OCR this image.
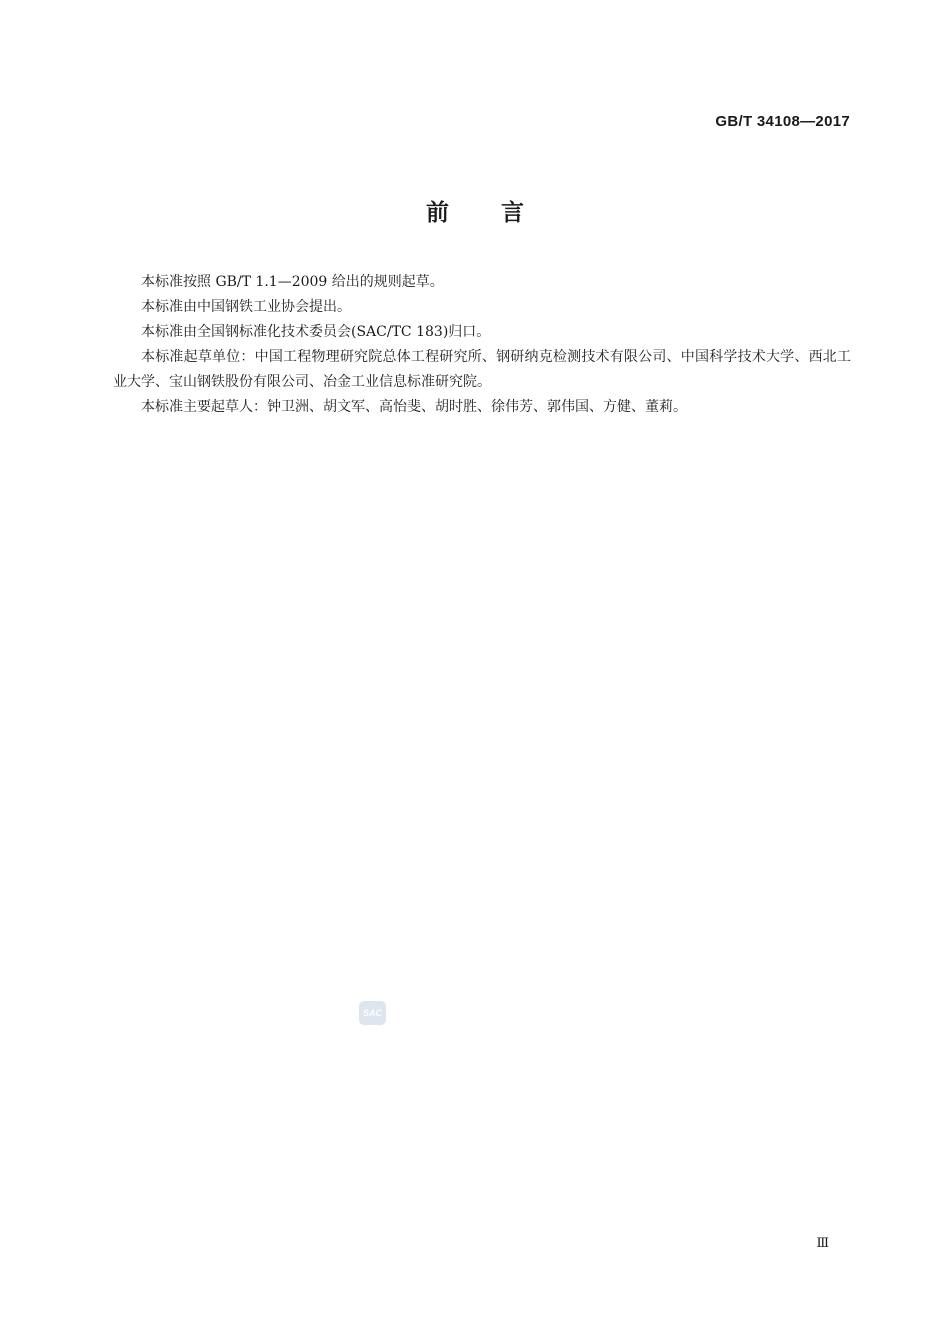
GB/T 34108—2017
前言

本标准按照 GB/T 1.1—2009 给出的规则起草。

本标准由中国钢铁工业协会提出。

本标准由全国钢标准化技术委员会(SAC/TC 183)归口。

本标准起草单位：中国工程物理研究院总体工程研究所、钢研纳克检测技术有限公司、中国科学技术大学、西北工业大学、宝山钢铁股份有限公司、冶金工业信息标准研究院。

本标准主要起草人：钟卫洲、胡文军、高怡斐、胡时胜、徐伟芳、郭伟国、方健、董莉。

SAC
Ⅲ
